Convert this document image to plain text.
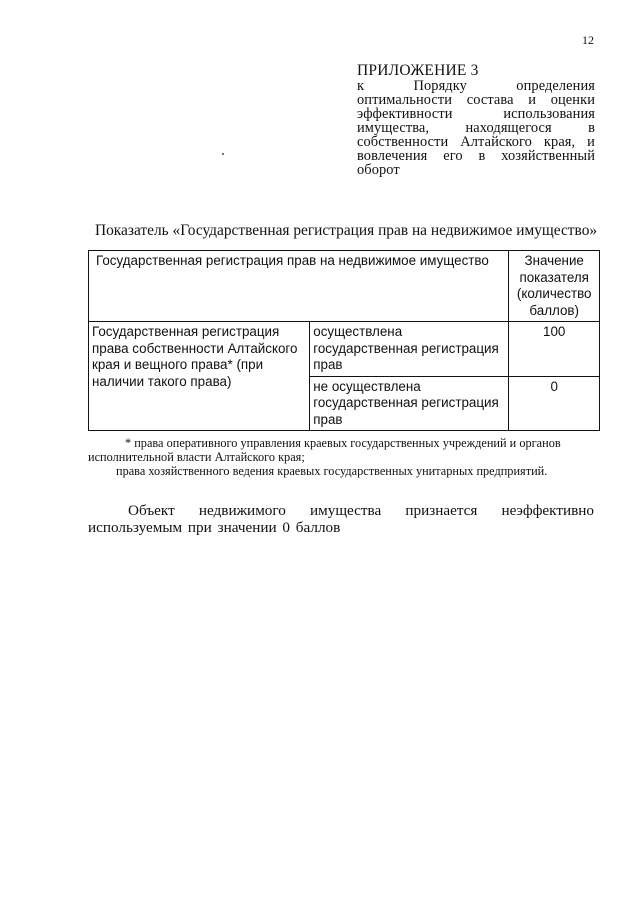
12
ПРИЛОЖЕНИЕ 3
к Порядку определения оптимальности состава и оценки эффективности использования имущества, находящегося в собственности Алтайского края, и вовлечения его в хозяйственный оборот
Показатель «Государственная регистрация прав на недвижимое имущество»
Государственная регистрация прав на недвижимое имущество		Значение показателя (количество баллов)
Государственная регистрация права собственности Алтайского края и вещного права* (при наличии такого права)	осуществлена государственная регистрация прав	100
	не осуществлена государственная регистрация прав	0
* права оперативного управления краевых государственных учреждений и органов
исполнительной власти Алтайского края;
права хозяйственного ведения краевых государственных унитарных предприятий.
Объект недвижимого имущества признается неэффективно используемым при значении 0 баллов
